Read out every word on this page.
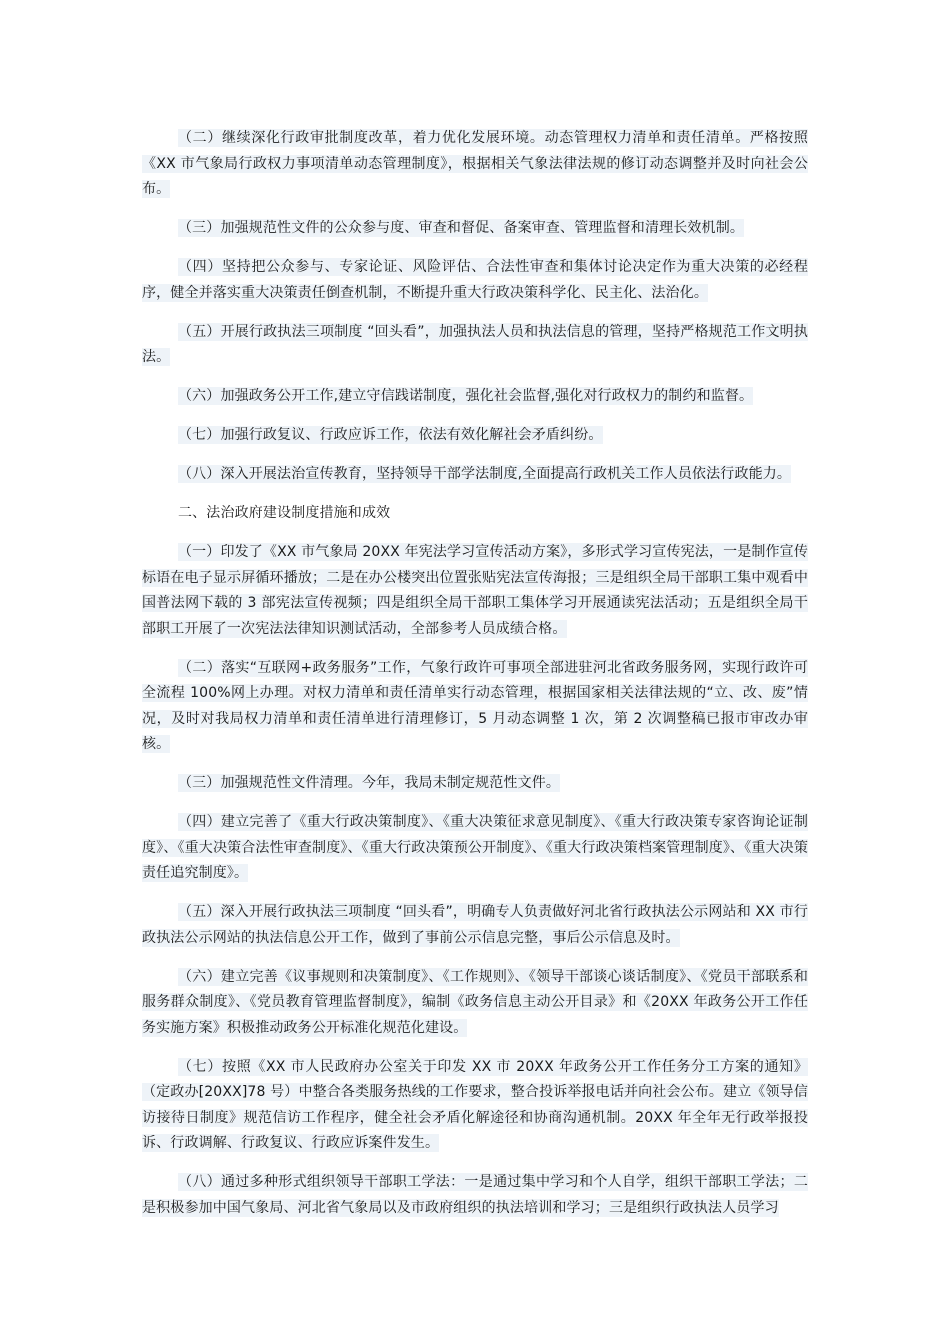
（二）继续深化行政审批制度改革，着力优化发展环境。动态管理权力清单和责任清单。严格按照《XX 市气象局行政权力事项清单动态管理制度》，根据相关气象法律法规的修订动态调整并及时向社会公布。

（三）加强规范性文件的公众参与度、审查和督促、备案审查、管理监督和清理长效机制。

（四）坚持把公众参与、专家论证、风险评估、合法性审查和集体讨论决定作为重大决策的必经程序，健全并落实重大决策责任倒查机制，不断提升重大行政决策科学化、民主化、法治化。

（五）开展行政执法三项制度 “回头看”，加强执法人员和执法信息的管理，坚持严格规范工作文明执法。

（六）加强政务公开工作,建立守信践诺制度，强化社会监督,强化对行政权力的制约和监督。

（七）加强行政复议、行政应诉工作，依法有效化解社会矛盾纠纷。

（八）深入开展法治宣传教育，坚持领导干部学法制度,全面提高行政机关工作人员依法行政能力。

二、法治政府建设制度措施和成效

（一）印发了《XX 市气象局 20XX 年宪法学习宣传活动方案》，多形式学习宣传宪法，一是制作宣传标语在电子显示屏循环播放；二是在办公楼突出位置张贴宪法宣传海报；三是组织全局干部职工集中观看中国普法网下载的 3 部宪法宣传视频；四是组织全局干部职工集体学习开展通读宪法活动；五是组织全局干部职工开展了一次宪法法律知识测试活动，全部参考人员成绩合格。

（二）落实“互联网+政务服务”工作，气象行政许可事项全部进驻河北省政务服务网，实现行政许可全流程 100%网上办理。对权力清单和责任清单实行动态管理，根据国家相关法律法规的“立、改、废”情况，及时对我局权力清单和责任清单进行清理修订，5 月动态调整 1 次，第 2 次调整稿已报市审改办审核。

（三）加强规范性文件清理。今年，我局未制定规范性文件。

（四）建立完善了《重大行政决策制度》、《重大决策征求意见制度》、《重大行政决策专家咨询论证制度》、《重大决策合法性审查制度》、《重大行政决策预公开制度》、《重大行政决策档案管理制度》、《重大决策责任追究制度》。

（五）深入开展行政执法三项制度 “回头看”，明确专人负责做好河北省行政执法公示网站和 XX 市行政执法公示网站的执法信息公开工作，做到了事前公示信息完整，事后公示信息及时。

（六）建立完善《议事规则和决策制度》、《工作规则》、《领导干部谈心谈话制度》、《党员干部联系和服务群众制度》、《党员教育管理监督制度》，编制《政务信息主动公开目录》和《20XX 年政务公开工作任务实施方案》积极推动政务公开标准化规范化建设。

（七）按照《XX 市人民政府办公室关于印发 XX 市 20XX 年政务公开工作任务分工方案的通知》（定政办[20XX]78 号）中整合各类服务热线的工作要求，整合投诉举报电话并向社会公布。建立《领导信访接待日制度》规范信访工作程序，健全社会矛盾化解途径和协商沟通机制。20XX 年全年无行政举报投诉、行政调解、行政复议、行政应诉案件发生。

（八）通过多种形式组织领导干部职工学法：一是通过集中学习和个人自学，组织干部职工学法；二是积极参加中国气象局、河北省气象局以及市政府组织的执法培训和学习；三是组织行政执法人员学习
